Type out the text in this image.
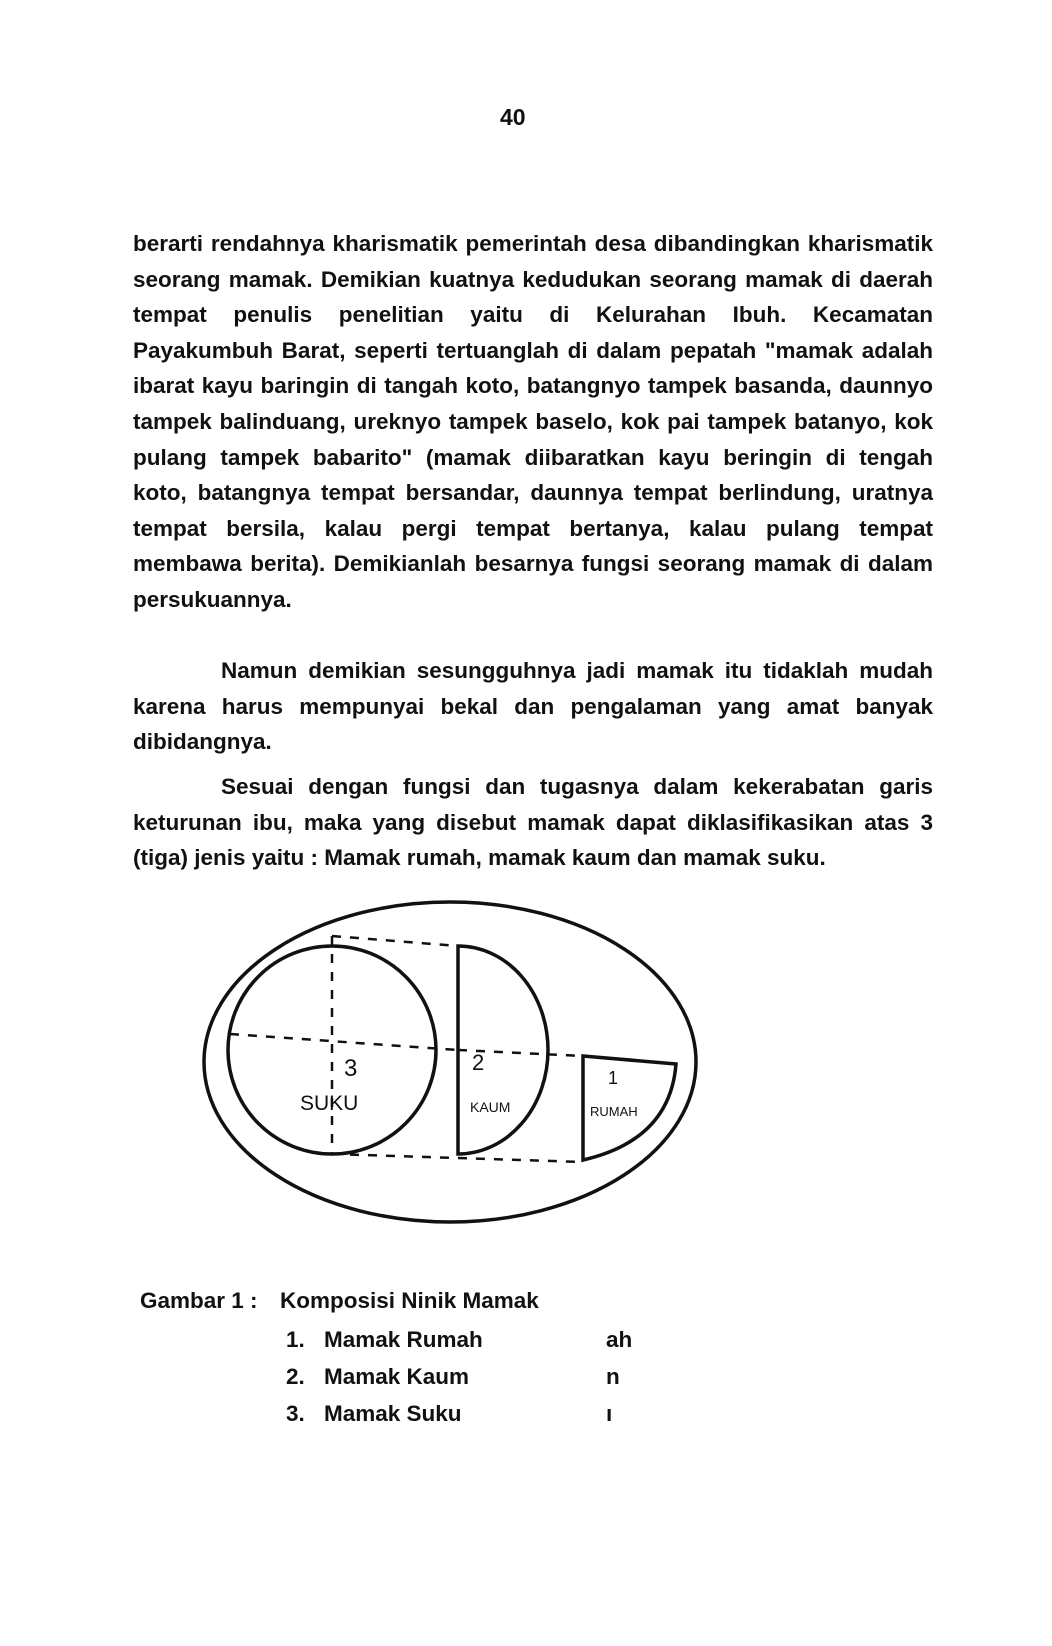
40

berarti rendahnya kharismatik pemerintah desa dibandingkan kharismatik seorang mamak. Demikian kuatnya kedudukan seorang mamak di daerah tempat penulis penelitian yaitu di Kelurahan Ibuh. Kecamatan Payakumbuh Barat, seperti tertuanglah di dalam pepatah "mamak adalah ibarat kayu baringin di tangah koto, batangnyo tampek basanda, daunnyo tampek balinduang, ureknyo tampek baselo, kok pai tampek batanyo, kok pulang tampek babarito" (mamak diibaratkan kayu beringin di tengah koto, batangnya tempat bersandar, daunnya tempat berlindung, uratnya tempat bersila, kalau pergi tempat bertanya, kalau pulang tempat membawa berita). Demikianlah besarnya fungsi seorang mamak di dalam persukuannya.

Namun demikian sesungguhnya jadi mamak itu tidaklah mudah karena harus mempunyai bekal dan pengalaman yang amat banyak dibidangnya.

Sesuai dengan fungsi dan tugasnya dalam kekerabatan garis keturunan ibu, maka yang disebut mamak dapat diklasifikasikan atas 3 (tiga) jenis yaitu : Mamak rumah, mamak kaum dan mamak suku.

3
SUKU
2
KAUM
1
RUMAH
Gambar 1 : Komposisi Ninik Mamak
1. Mamak Rumah
2. Mamak Kaum
3. Mamak Suku
ah
n
ı
